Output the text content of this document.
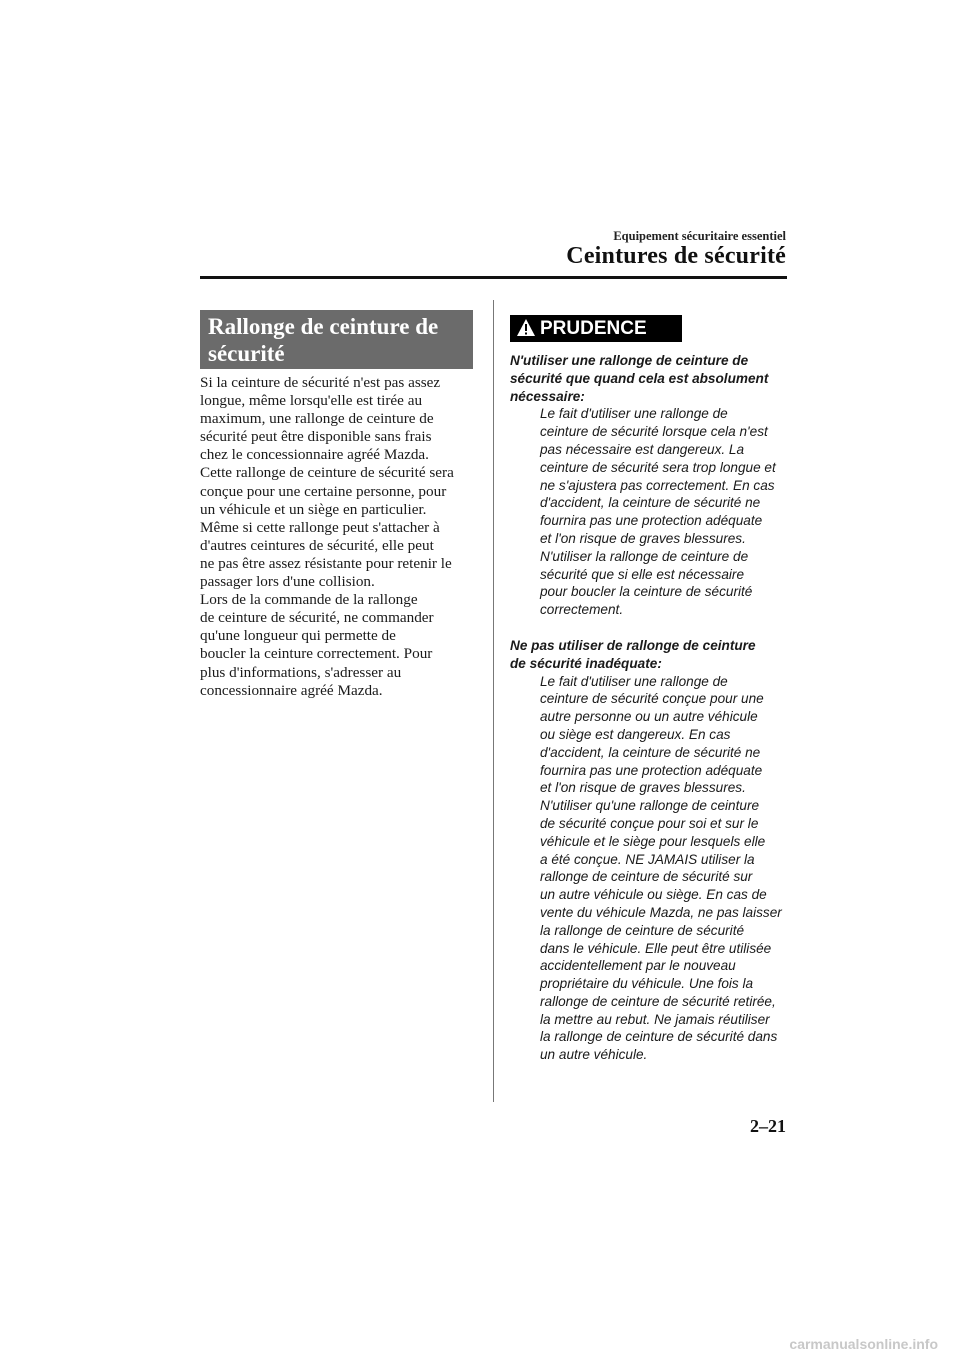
Equipement sécuritaire essentiel
Ceintures de sécurité
Rallonge de ceinture de sécurité

Si la ceinture de sécurité n'est pas assez
longue, même lorsqu'elle est tirée au
maximum, une rallonge de ceinture de
sécurité peut être disponible sans frais
chez le concessionnaire agréé Mazda.
Cette rallonge de ceinture de sécurité sera
conçue pour une certaine personne, pour
un véhicule et un siège en particulier.
Même si cette rallonge peut s'attacher à
d'autres ceintures de sécurité, elle peut
ne pas être assez résistante pour retenir le
passager lors d'une collision.
Lors de la commande de la rallonge
de ceinture de sécurité, ne commander
qu'une longueur qui permette de
boucler la ceinture correctement. Pour
plus d'informations, s'adresser au
concessionnaire agréé Mazda.

PRUDENCE

N'utiliser une rallonge de ceinture de
sécurité que quand cela est absolument
nécessaire:

Le fait d'utiliser une rallonge de
ceinture de sécurité lorsque cela n'est
pas nécessaire est dangereux. La
ceinture de sécurité sera trop longue et
ne s'ajustera pas correctement. En cas
d'accident, la ceinture de sécurité ne
fournira pas une protection adéquate
et l'on risque de graves blessures.
N'utiliser la rallonge de ceinture de
sécurité que si elle est nécessaire
pour boucler la ceinture de sécurité
correctement.

Ne pas utiliser de rallonge de ceinture
de sécurité inadéquate:

Le fait d'utiliser une rallonge de
ceinture de sécurité conçue pour une
autre personne ou un autre véhicule
ou siège est dangereux. En cas
d'accident, la ceinture de sécurité ne
fournira pas une protection adéquate
et l'on risque de graves blessures.
N'utiliser qu'une rallonge de ceinture
de sécurité conçue pour soi et sur le
véhicule et le siège pour lesquels elle
a été conçue. NE JAMAIS utiliser la
rallonge de ceinture de sécurité sur
un autre véhicule ou siège. En cas de
vente du véhicule Mazda, ne pas laisser
la rallonge de ceinture de sécurité
dans le véhicule. Elle peut être utilisée
accidentellement par le nouveau
propriétaire du véhicule. Une fois la
rallonge de ceinture de sécurité retirée,
la mettre au rebut. Ne jamais réutiliser
la rallonge de ceinture de sécurité dans
un autre véhicule.

2–21
carmanualsonline.info
